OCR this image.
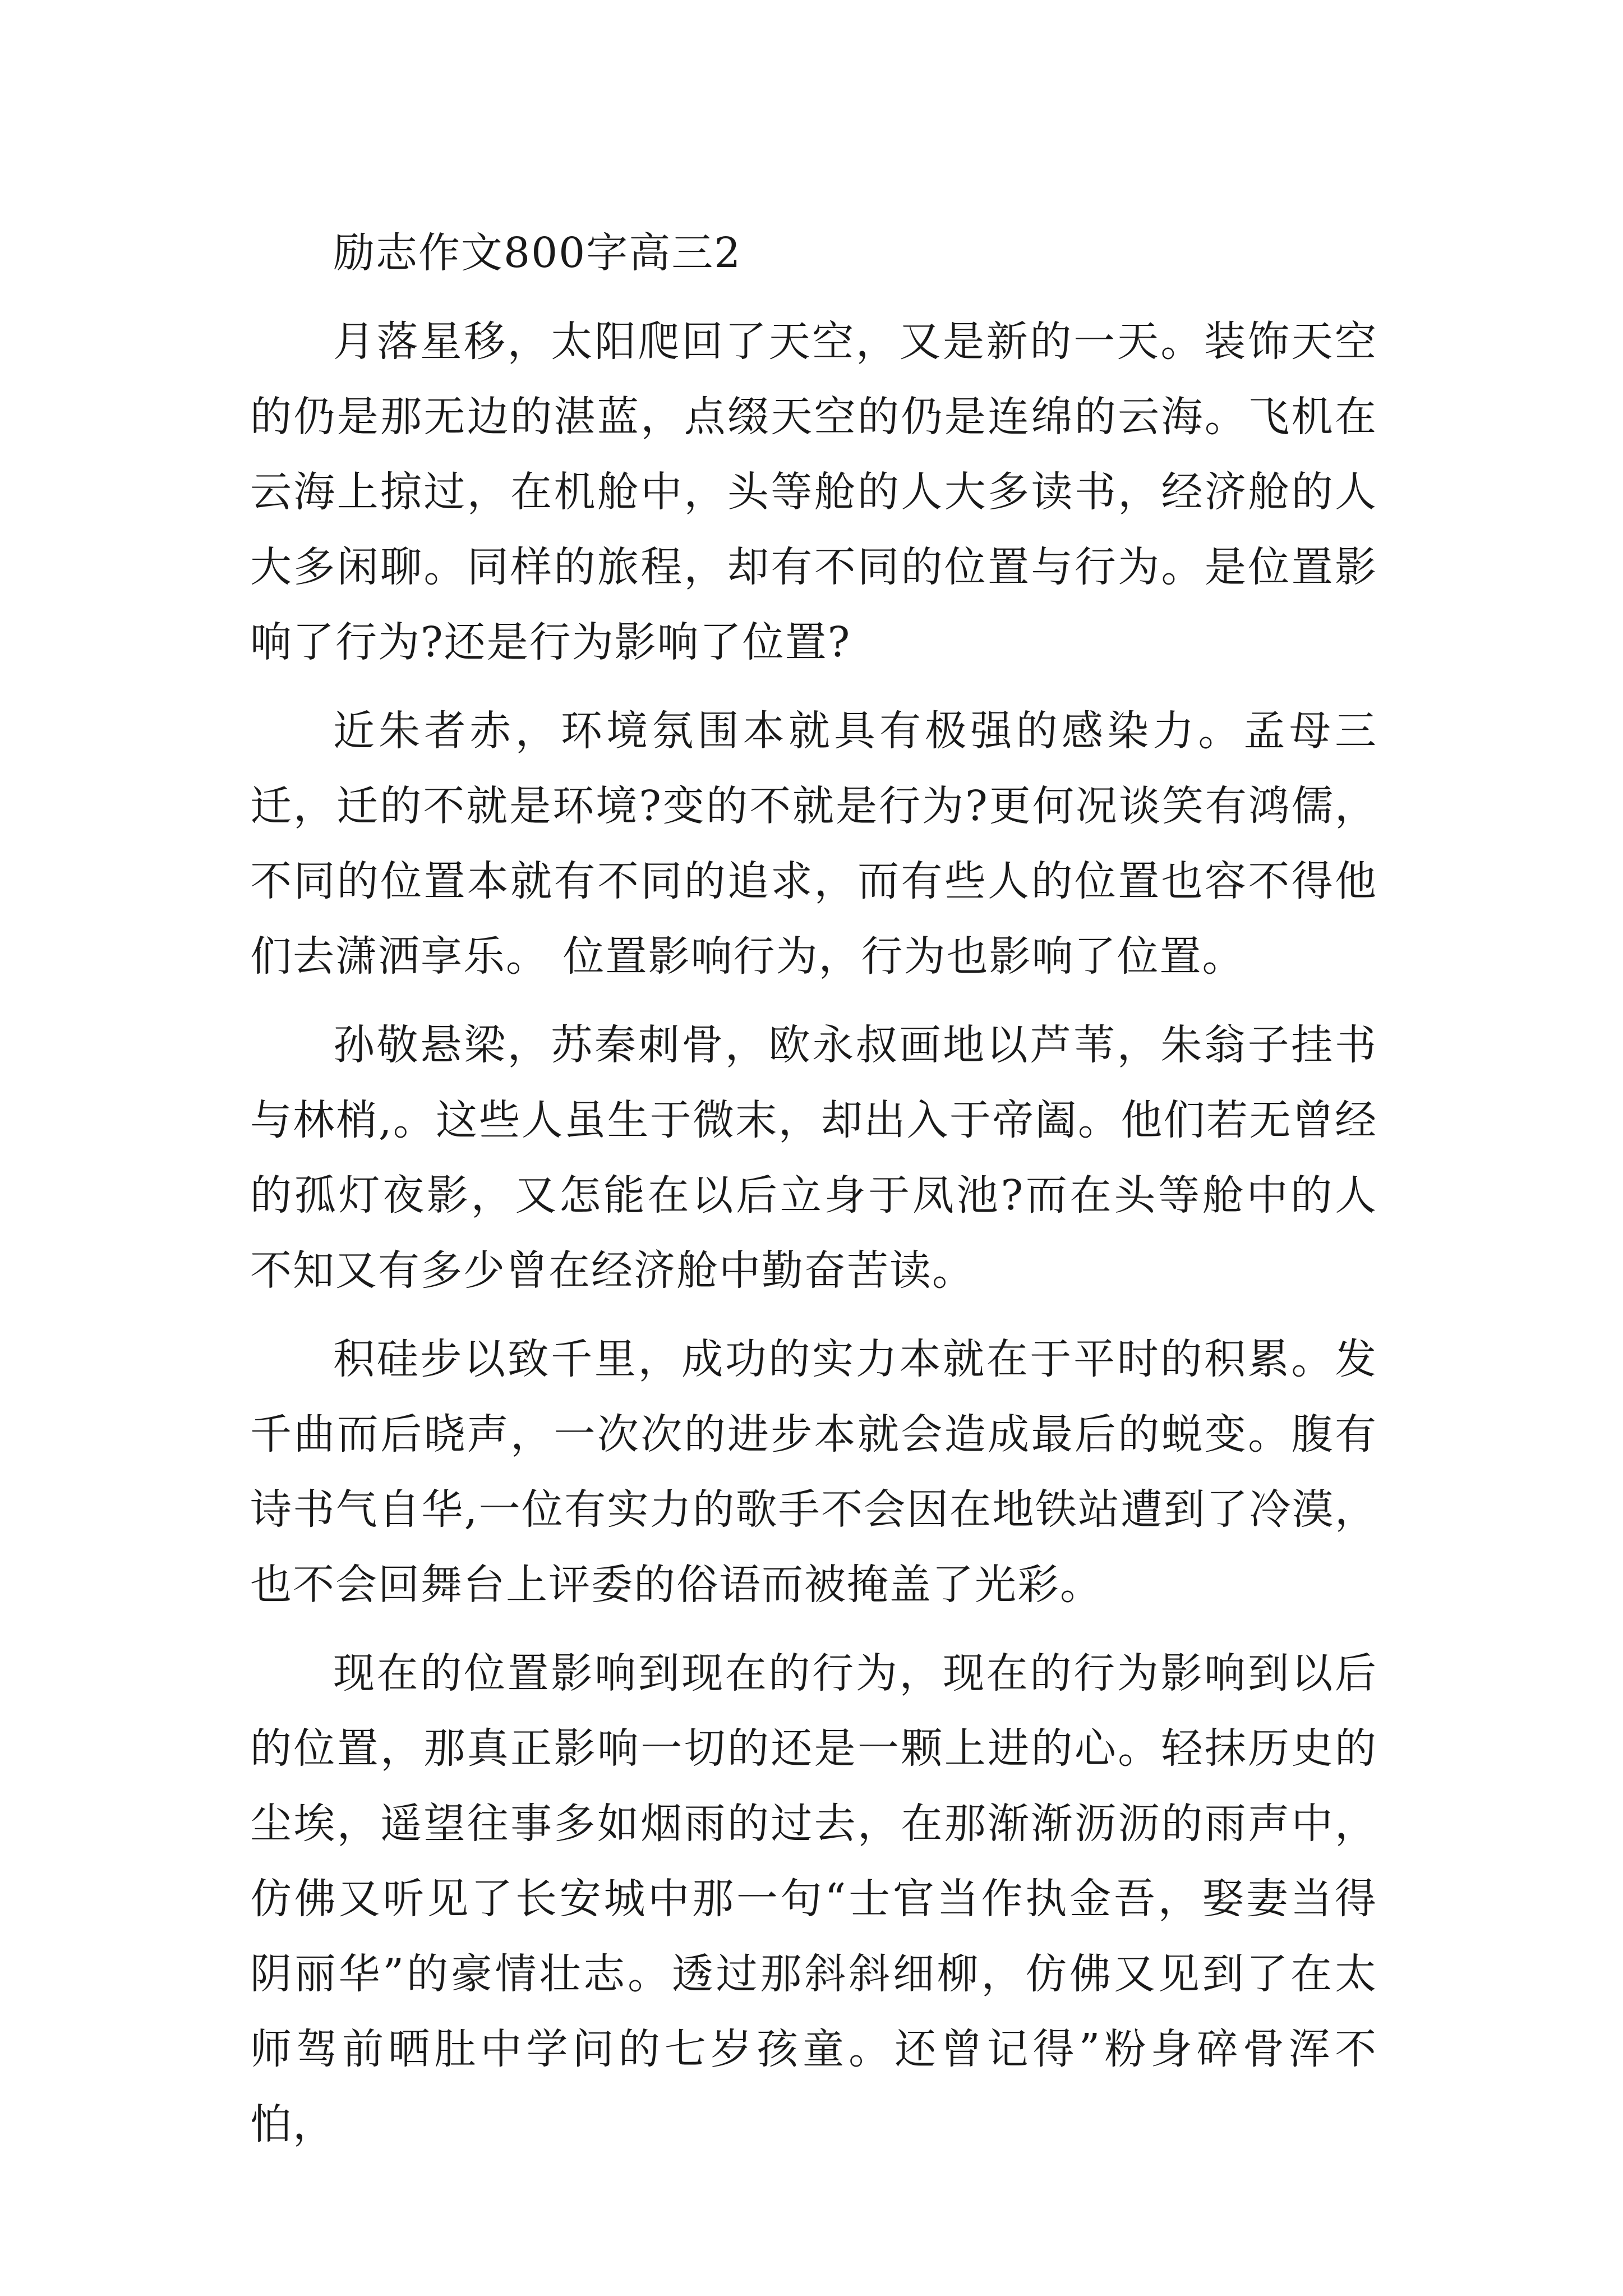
励志作文800字高三2

月落星移，太阳爬回了天空，又是新的一天。装饰天空的仍是那无边的湛蓝，点缀天空的仍是连绵的云海。飞机在云海上掠过，在机舱中，头等舱的人大多读书，经济舱的人大多闲聊。同样的旅程，却有不同的位置与行为。是位置影响了行为?还是行为影响了位置?

近朱者赤，环境氛围本就具有极强的感染力。孟母三迁，迁的不就是环境?变的不就是行为?更何况谈笑有鸿儒，不同的位置本就有不同的追求，而有些人的位置也容不得他们去潇洒享乐。 位置影响行为，行为也影响了位置。

孙敬悬梁，苏秦刺骨，欧永叔画地以芦苇，朱翁子挂书与林梢,。这些人虽生于微末，却出入于帝阖。他们若无曾经的孤灯夜影，又怎能在以后立身于凤池?而在头等舱中的人不知又有多少曾在经济舱中勤奋苦读。

积硅步以致千里，成功的实力本就在于平时的积累。发千曲而后晓声，一次次的进步本就会造成最后的蜕变。腹有诗书气自华,一位有实力的歌手不会因在地铁站遭到了冷漠，也不会回舞台上评委的俗语而被掩盖了光彩。

现在的位置影响到现在的行为，现在的行为影响到以后的位置，那真正影响一切的还是一颗上进的心。轻抹历史的尘埃，遥望往事多如烟雨的过去，在那渐渐沥沥的雨声中，仿佛又听见了长安城中那一句“士官当作执金吾，娶妻当得阴丽华”的豪情壮志。透过那斜斜细柳，仿佛又见到了在太师驾前晒肚中学问的七岁孩童。还曾记得”粉身碎骨浑不怕，
